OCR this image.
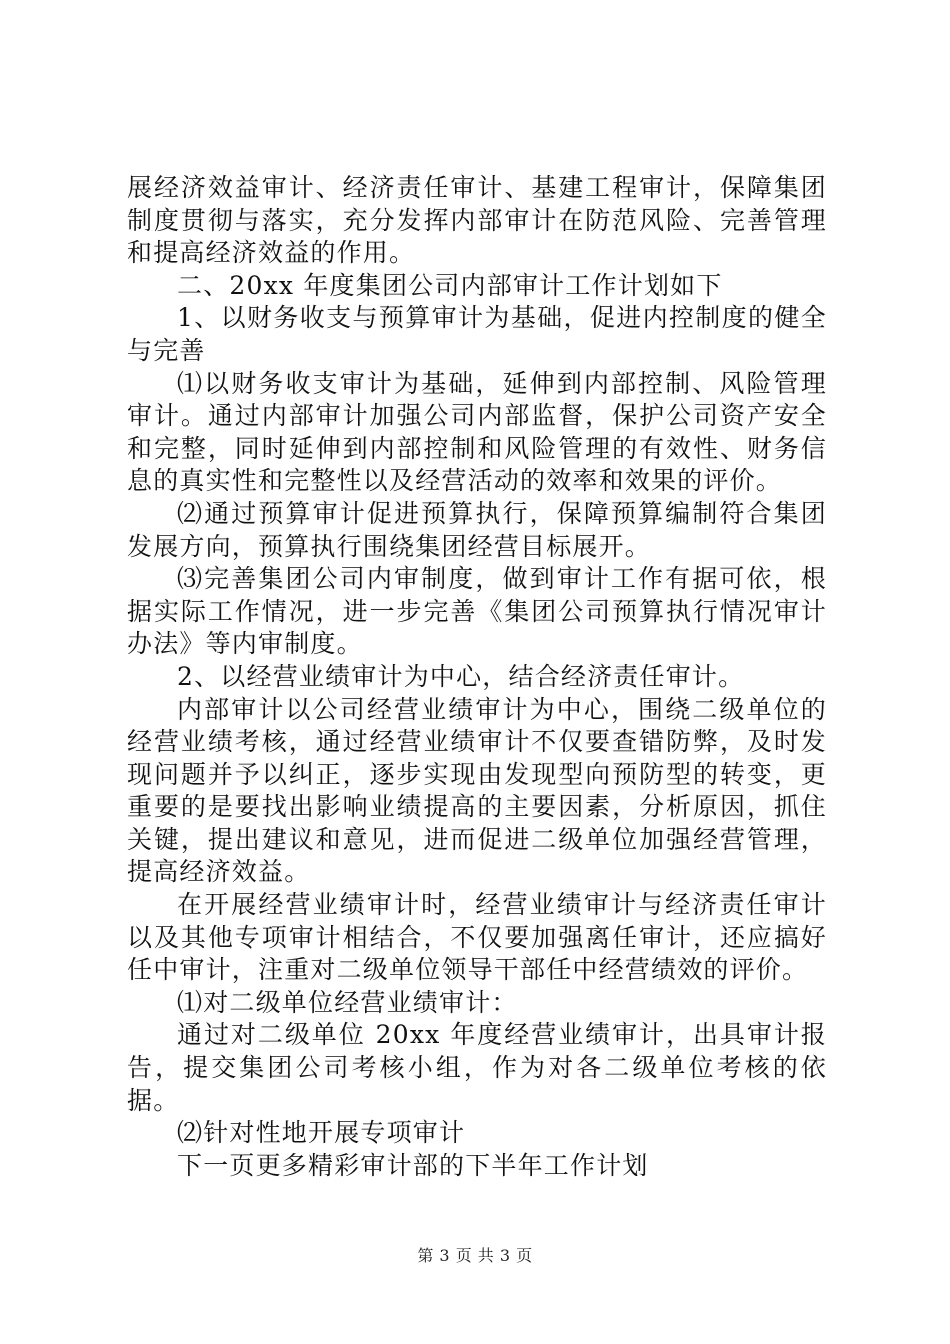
展经济效益审计、经济责任审计、基建工程审计，保障集团制度贯彻与落实，充分发挥内部审计在防范风险、完善管理和提高经济效益的作用。

二、20xx 年度集团公司内部审计工作计划如下

1、以财务收支与预算审计为基础，促进内控制度的健全与完善

⑴以财务收支审计为基础，延伸到内部控制、风险管理审计。通过内部审计加强公司内部监督，保护公司资产安全和完整，同时延伸到内部控制和风险管理的有效性、财务信息的真实性和完整性以及经营活动的效率和效果的评价。

⑵通过预算审计促进预算执行，保障预算编制符合集团发展方向，预算执行围绕集团经营目标展开。

⑶完善集团公司内审制度，做到审计工作有据可依，根据实际工作情况，进一步完善《集团公司预算执行情况审计办法》等内审制度。

2、以经营业绩审计为中心，结合经济责任审计。

内部审计以公司经营业绩审计为中心，围绕二级单位的经营业绩考核，通过经营业绩审计不仅要查错防弊，及时发现问题并予以纠正，逐步实现由发现型向预防型的转变，更重要的是要找出影响业绩提高的主要因素，分析原因，抓住关键，提出建议和意见，进而促进二级单位加强经营管理，提高经济效益。

在开展经营业绩审计时，经营业绩审计与经济责任审计以及其他专项审计相结合，不仅要加强离任审计，还应搞好任中审计，注重对二级单位领导干部任中经营绩效的评价。

⑴对二级单位经营业绩审计：

通过对二级单位 20xx 年度经营业绩审计，出具审计报告，提交集团公司考核小组，作为对各二级单位考核的依据。

⑵针对性地开展专项审计

下一页更多精彩审计部的下半年工作计划

第 3 页 共 3 页
